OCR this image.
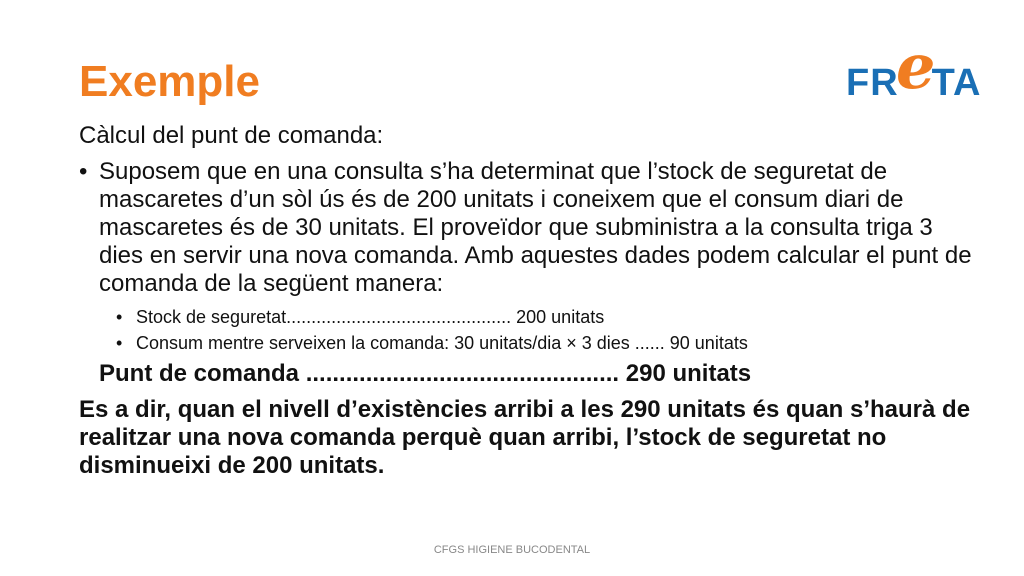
Exemple	FR TA
e

Càlcul del punt de comanda:

• Suposem que en una consulta s’ha determinat que l’stock de seguretat de mascaretes d’un sòl ús és de 200 unitats i coneixem que el consum diari de mascaretes és de 30 unitats. El proveïdor que subministra a la consulta triga 3 dies en servir una nova comanda. Amb aquestes dades podem calcular el punt de comanda de la següent manera:
• Stock de seguretat............................................. 200 unitats
• Consum mentre serveixen la comanda: 30 unitats/dia × 3 dies ...... 90 unitats
Punt de comanda ............................................... 290 unitats
Es a dir, quan el nivell d’existències arribi a les 290 unitats és quan s’haurà de realitzar una nova comanda perquè quan arribi, l’stock de seguretat no disminueixi de 200 unitats.
CFGS HIGIENE BUCODENTAL
